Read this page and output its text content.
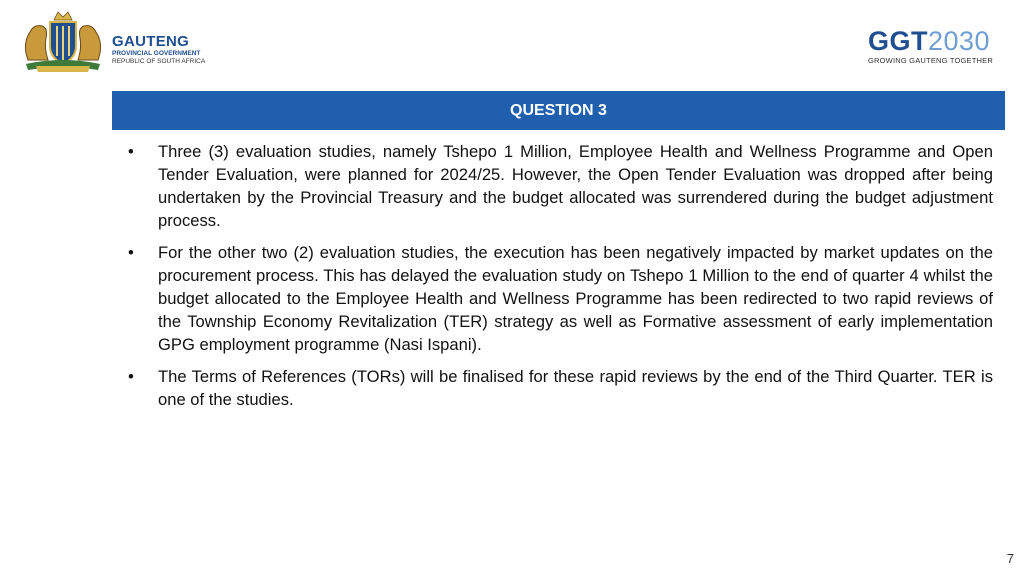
GAUTENG
PROVINCIAL GOVERNMENT
REPUBLIC OF SOUTH AFRICA
GGT2030
GROWING GAUTENG TOGETHER
QUESTION 3
• Three (3) evaluation studies, namely Tshepo 1 Million, Employee Health and Wellness Programme and Open Tender Evaluation, were planned for 2024/25. However, the Open Tender Evaluation was dropped after being undertaken by the Provincial Treasury and the budget allocated was surrendered during the budget adjustment process.
• For the other two (2) evaluation studies, the execution has been negatively impacted by market updates on the procurement process. This has delayed the evaluation study on Tshepo 1 Million to the end of quarter 4 whilst the budget allocated to the Employee Health and Wellness Programme has been redirected to two rapid reviews of the Township Economy Revitalization (TER) strategy as well as Formative assessment of early implementation GPG employment programme (Nasi Ispani).
• The Terms of References (TORs) will be finalised for these rapid reviews by the end of the Third Quarter. TER is one of the studies.
7
